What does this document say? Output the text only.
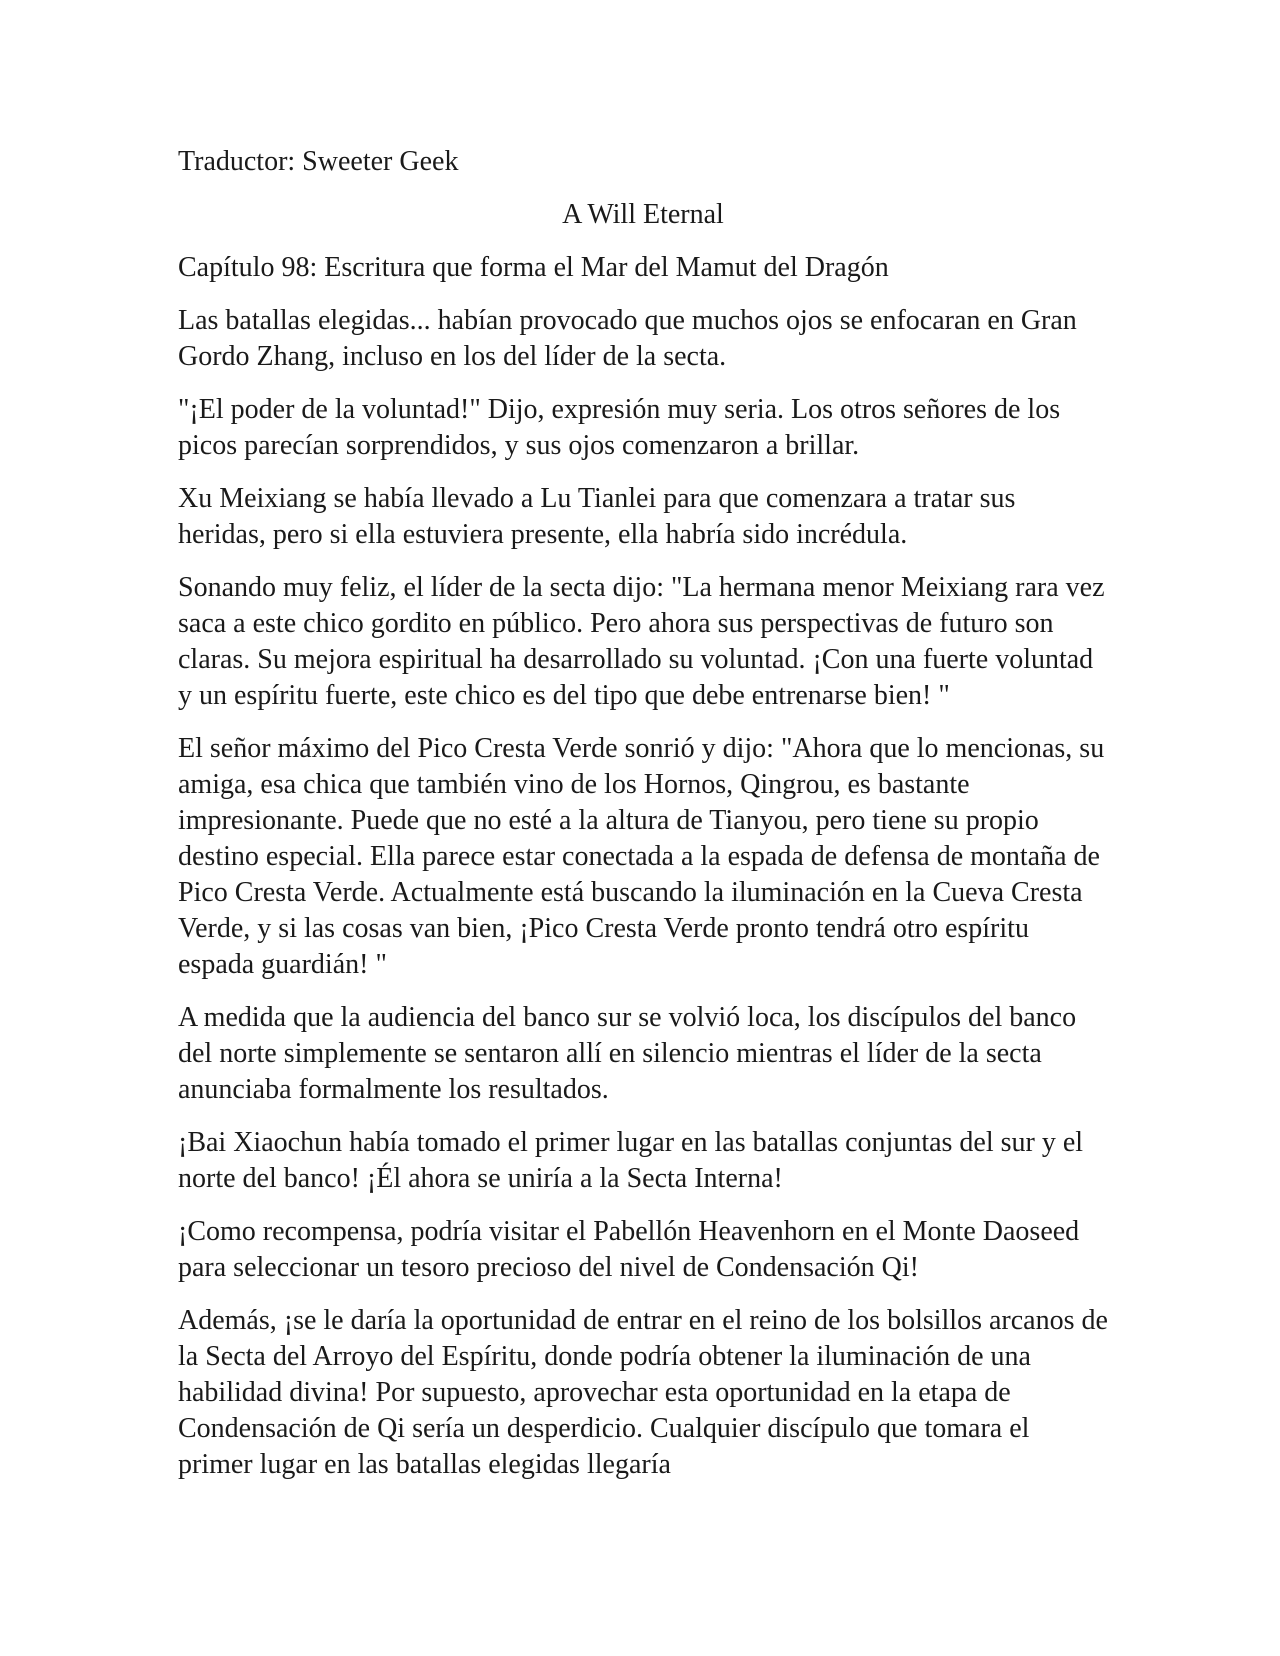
Traductor: Sweeter Geek
A Will Eternal
Capítulo 98: Escritura que forma el Mar del Mamut del Dragón

Las batallas elegidas... habían provocado que muchos ojos se enfocaran en Gran Gordo Zhang, incluso en los del líder de la secta.

"¡El poder de la voluntad!" Dijo, expresión muy seria. Los otros señores de los picos parecían sorprendidos, y sus ojos comenzaron a brillar.

Xu Meixiang se había llevado a Lu Tianlei para que comenzara a tratar sus heridas, pero si ella estuviera presente, ella habría sido incrédula.

Sonando muy feliz, el líder de la secta dijo: "La hermana menor Meixiang rara vez saca a este chico gordito en público. Pero ahora sus perspectivas de futuro son claras. Su mejora espiritual ha desarrollado su voluntad. ¡Con una fuerte voluntad y un espíritu fuerte, este chico es del tipo que debe entrenarse bien! "

El señor máximo del Pico Cresta Verde sonrió y dijo: "Ahora que lo mencionas, su amiga, esa chica que también vino de los Hornos, Qingrou, es bastante impresionante. Puede que no esté a la altura de Tianyou, pero tiene su propio destino especial. Ella parece estar conectada a la espada de defensa de montaña de Pico Cresta Verde. Actualmente está buscando la iluminación en la Cueva Cresta Verde, y si las cosas van bien, ¡Pico Cresta Verde pronto tendrá otro espíritu espada guardián! "

A medida que la audiencia del banco sur se volvió loca, los discípulos del banco del norte simplemente se sentaron allí en silencio mientras el líder de la secta anunciaba formalmente los resultados.

¡Bai Xiaochun había tomado el primer lugar en las batallas conjuntas del sur y el norte del banco! ¡Él ahora se uniría a la Secta Interna!

¡Como recompensa, podría visitar el Pabellón Heavenhorn en el Monte Daoseed para seleccionar un tesoro precioso del nivel de Condensación Qi!

Además, ¡se le daría la oportunidad de entrar en el reino de los bolsillos arcanos de la Secta del Arroyo del Espíritu, donde podría obtener la iluminación de una habilidad divina! Por supuesto, aprovechar esta oportunidad en la etapa de Condensación de Qi sería un desperdicio. Cualquier discípulo que tomara el primer lugar en las batallas elegidas llegaría
